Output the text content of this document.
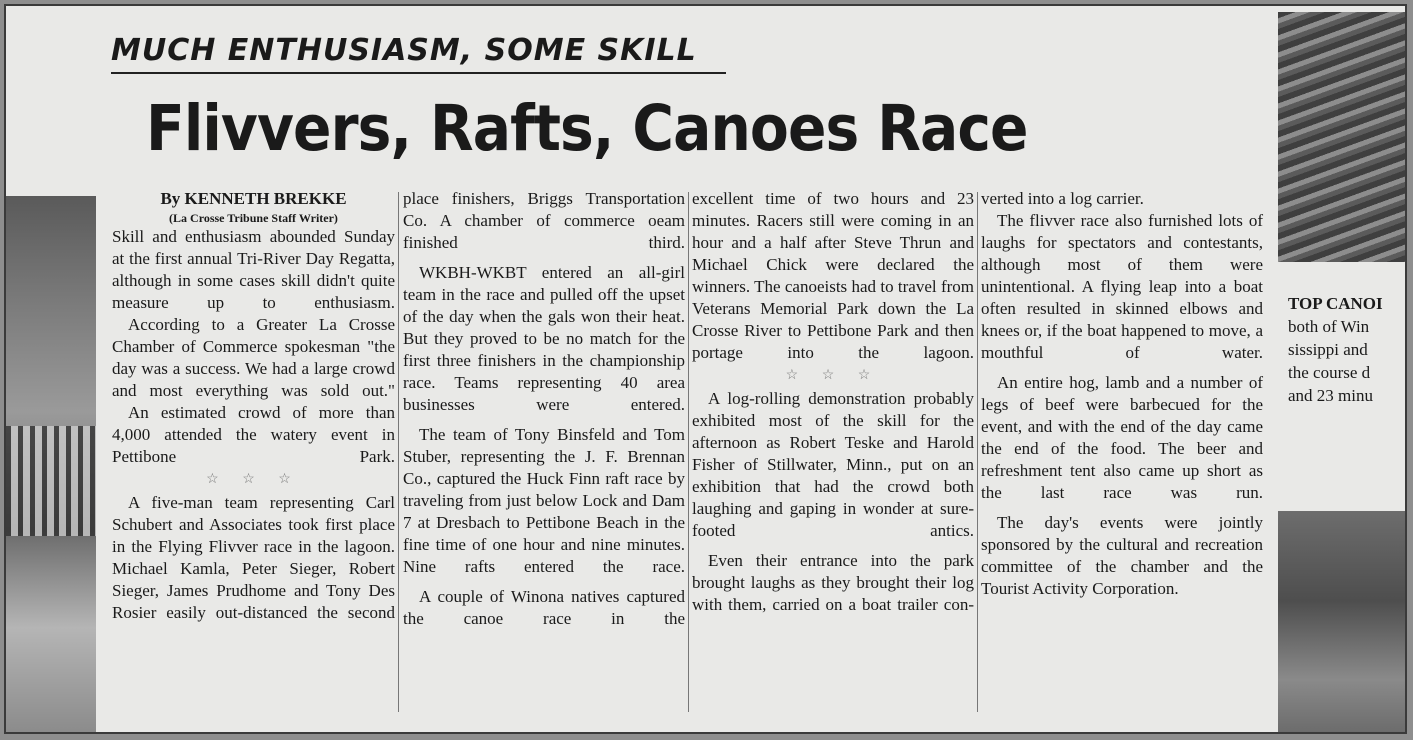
TOP CANOI
both of Win
sissippi and
the course d
and 23 minu
MUCH ENTHUSIASM, SOME SKILL
Flivvers, Rafts, Canoes Race

By KENNETH BREKKE

(La Crosse Tribune Staff Writer)

Skill and enthusiasm abounded Sunday at the first annual Tri-River Day Regatta, although in some cases skill didn't quite measure up to enthusiasm.

According to a Greater La Crosse Chamber of Commerce spokesman "the day was a success. We had a large crowd and most everything was sold out."

An estimated crowd of more than 4,000 attended the watery event in Pettibone Park.

☆ ☆ ☆

A five-man team representing Carl Schubert and Associates took first place in the Flying Flivver race in the lagoon. Michael Kamla, Peter Sieger, Robert Sieger, James Prudhome and Tony Des Rosier easily out-distanced the second

place finishers, Briggs Transportation Co. A chamber of commerce oeam finished third.

WKBH-WKBT entered an all-girl team in the race and pulled off the upset of the day when the gals won their heat. But they proved to be no match for the first three finishers in the championship race. Teams representing 40 area businesses were entered.

The team of Tony Binsfeld and Tom Stuber, representing the J. F. Brennan Co., captured the Huck Finn raft race by traveling from just below Lock and Dam 7 at Dresbach to Pettibone Beach in the fine time of one hour and nine minutes. Nine rafts entered the race.

A couple of Winona natives captured the canoe race in the

excellent time of two hours and 23 minutes. Racers still were coming in an hour and a half after Steve Thrun and Michael Chick were declared the winners. The canoeists had to travel from Veterans Memorial Park down the La Crosse River to Pettibone Park and then portage into the lagoon.

☆ ☆ ☆

A log-rolling demonstration probably exhibited most of the skill for the afternoon as Robert Teske and Harold Fisher of Stillwater, Minn., put on an exhibition that had the crowd both laughing and gaping in wonder at sure-footed antics.

Even their entrance into the park brought laughs as they brought their log with them, carried on a boat trailer con-

verted into a log carrier.

The flivver race also furnished lots of laughs for spectators and contestants, although most of them were unintentional. A flying leap into a boat often resulted in skinned elbows and knees or, if the boat happened to move, a mouthful of water.

An entire hog, lamb and a number of legs of beef were barbecued for the event, and with the end of the day came the end of the food. The beer and refreshment tent also came up short as the last race was run.

The day's events were jointly sponsored by the cultural and recreation committee of the chamber and the Tourist Activity Corporation.
